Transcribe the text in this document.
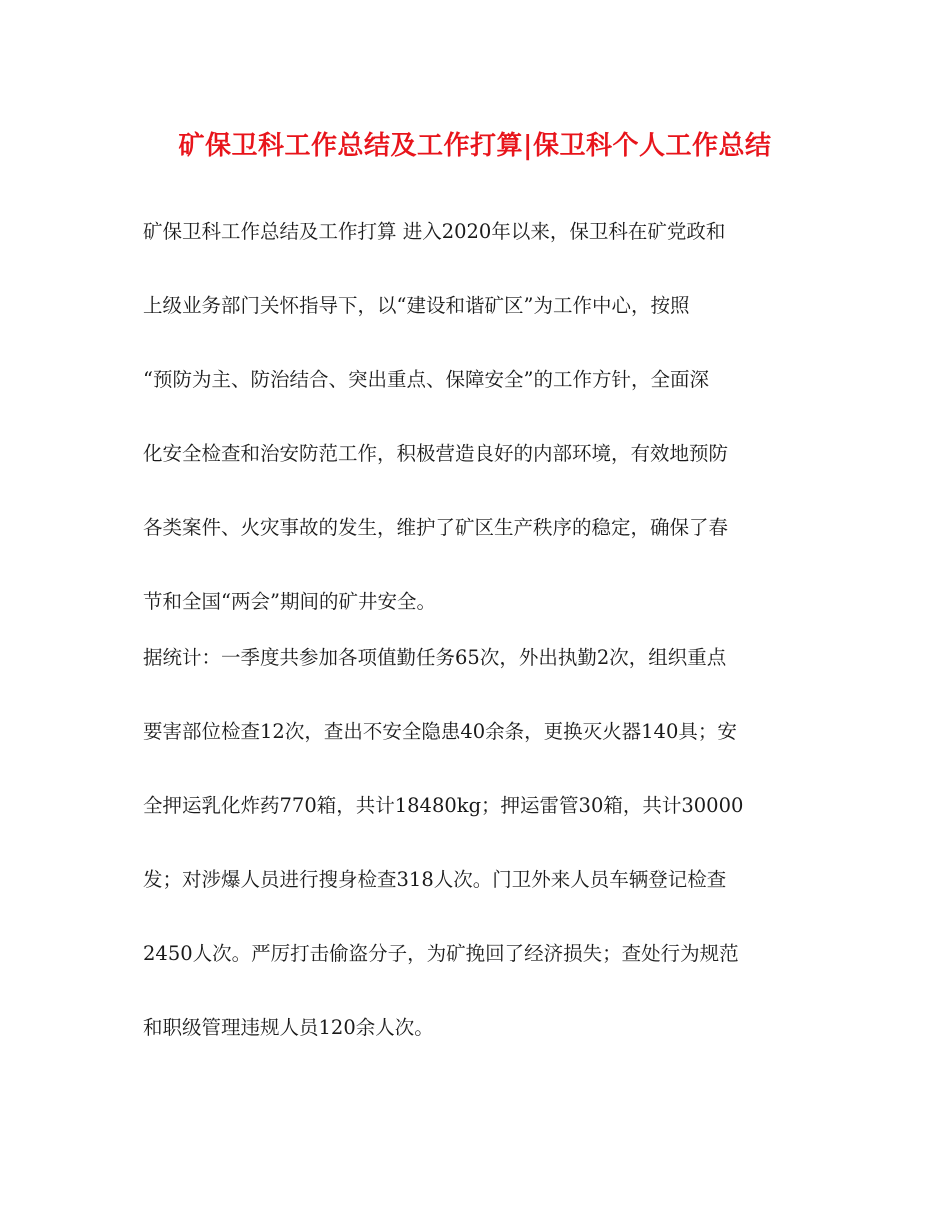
矿保卫科工作总结及工作打算|保卫科个人工作总结
矿保卫科工作总结及工作打算 进入2020年以来，保卫科在矿党政和
上级业务部门关怀指导下，以“建设和谐矿区”为工作中心，按照
“预防为主、防治结合、突出重点、保障安全”的工作方针，全面深
化安全检查和治安防范工作，积极营造良好的内部环境，有效地预防
各类案件、火灾事故的发生，维护了矿区生产秩序的稳定，确保了春
节和全国“两会”期间的矿井安全。
据统计：一季度共参加各项值勤任务65次，外出执勤2次，组织重点
要害部位检查12次，查出不安全隐患40余条，更换灭火器140具；安
全押运乳化炸药770箱，共计18480kg；押运雷管30箱，共计30000
发；对涉爆人员进行搜身检查318人次。门卫外来人员车辆登记检查
2450人次。严厉打击偷盗分子，为矿挽回了经济损失；查处行为规范
和职级管理违规人员120余人次。
